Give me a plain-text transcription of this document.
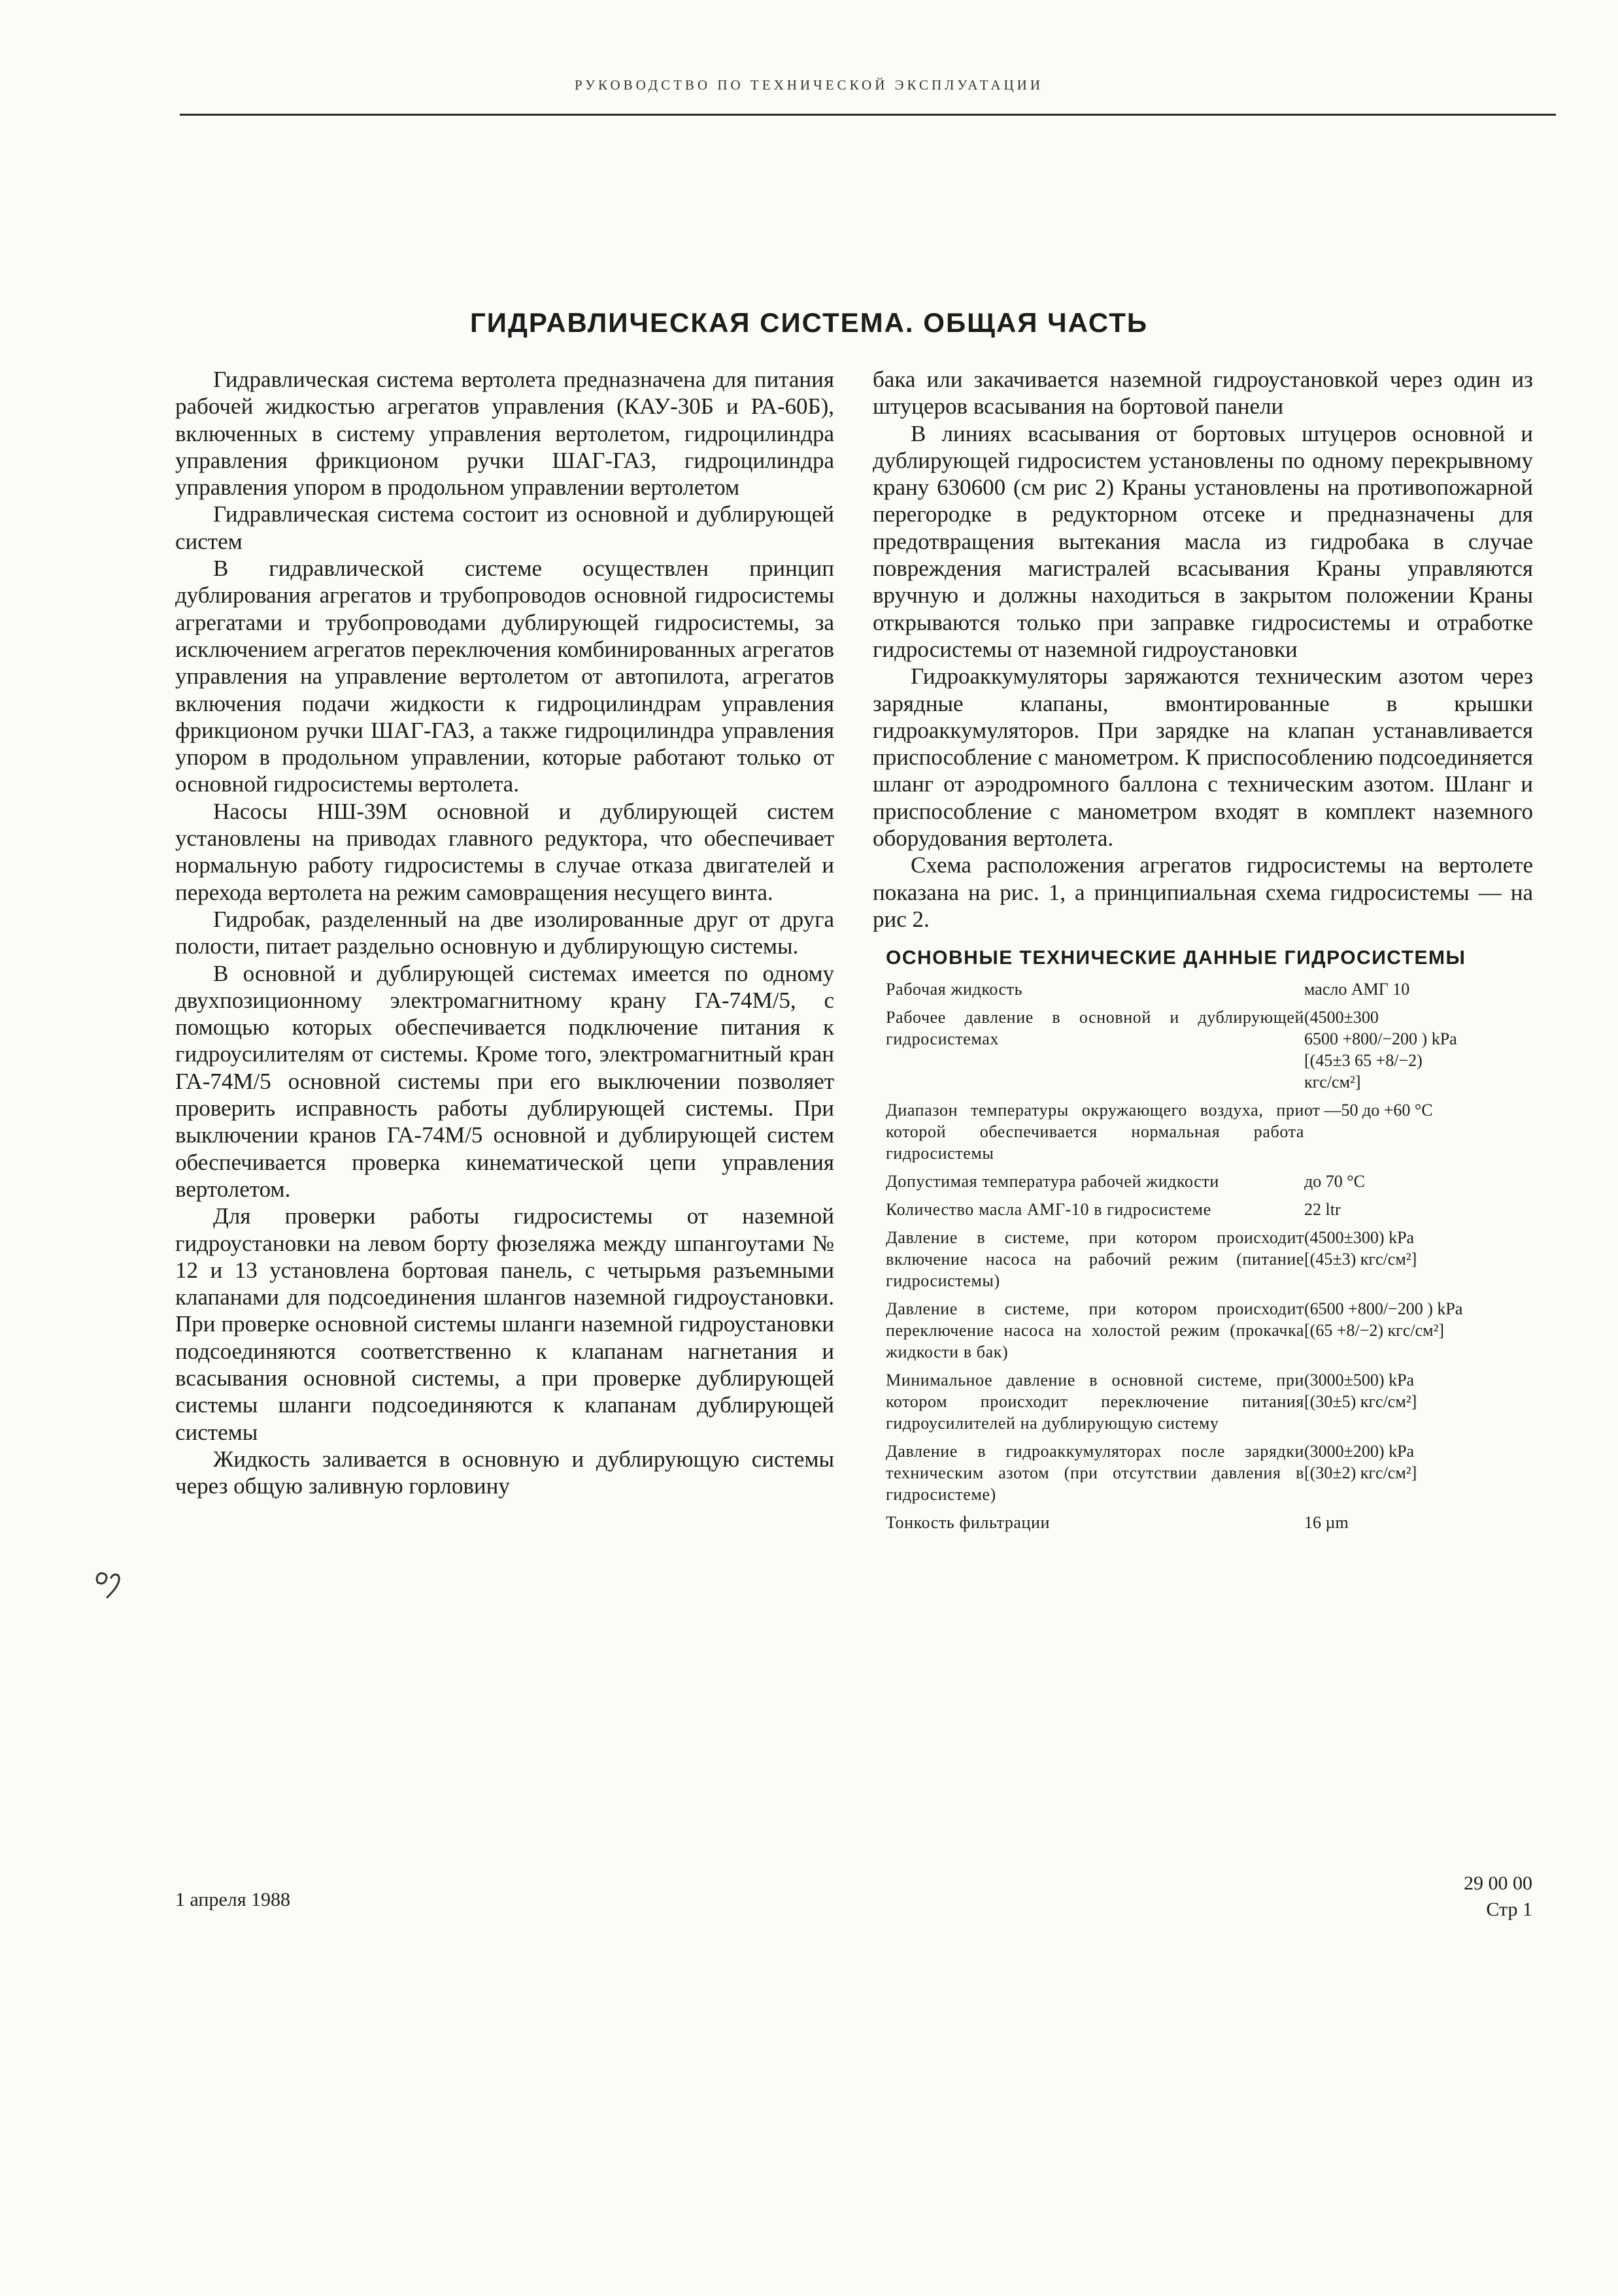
РУКОВОДСТВО ПО ТЕХНИЧЕСКОЙ ЭКСПЛУАТАЦИИ
ГИДРАВЛИЧЕСКАЯ СИСТЕМА. ОБЩАЯ ЧАСТЬ

Гидравлическая система вертолета предназначена для питания рабочей жидкостью агрегатов управления (КАУ-30Б и РА-60Б), включенных в систему управления вертолетом, гидроцилиндра управления фрикционом ручки ШАГ-ГАЗ, гидроцилиндра управления упором в продольном управлении вертолетом

Гидравлическая система состоит из основной и дублирующей систем

В гидравлической системе осуществлен принцип дублирования агрегатов и трубопроводов основной гидросистемы агрегатами и трубопроводами дублирующей гидросистемы, за исключением агрегатов переключения комбинированных агрегатов управления на управление вертолетом от автопилота, агрегатов включения подачи жидкости к гидроцилиндрам управления фрикционом ручки ШАГ-ГАЗ, а также гидроцилиндра управления упором в продольном управлении, которые работают только от основной гидросистемы вертолета.

Насосы НШ-39М основной и дублирующей систем установлены на приводах главного редуктора, что обеспечивает нормальную работу гидросистемы в случае отказа двигателей и перехода вертолета на режим самовращения несущего винта.

Гидробак, разделенный на две изолированные друг от друга полости, питает раздельно основную и дублирующую системы.

В основной и дублирующей системах имеется по одному двухпозиционному электромагнитному крану ГА-74М/5, с помощью которых обеспечивается подключение питания к гидроусилителям от системы. Кроме того, электромагнитный кран ГА-74М/5 основной системы при его выключении позволяет проверить исправность работы дублирующей системы. При выключении кранов ГА-74М/5 основной и дублирующей систем обеспечивается проверка кинематической цепи управления вертолетом.

Для проверки работы гидросистемы от наземной гидроустановки на левом борту фюзеляжа между шпангоутами № 12 и 13 установлена бортовая панель, с четырьмя разъемными клапанами для подсоединения шлангов наземной гидроустановки. При проверке основной системы шланги наземной гидроустановки подсоединяются соответственно к клапанам нагнетания и всасывания основной системы, а при проверке дублирующей системы шланги подсоединяются к клапанам дублирующей системы

Жидкость заливается в основную и дублирующую системы через общую заливную горловину

бака или закачивается наземной гидроустановкой через один из штуцеров всасывания на бортовой панели

В линиях всасывания от бортовых штуцеров основной и дублирующей гидросистем установлены по одному перекрывному крану 630600 (см рис 2) Краны установлены на противопожарной перегородке в редукторном отсеке и предназначены для предотвращения вытекания масла из гидробака в случае повреждения магистралей всасывания Краны управляются вручную и должны находиться в закрытом положении Краны открываются только при заправке гидросистемы и отработке гидросистемы от наземной гидроустановки

Гидроаккумуляторы заряжаются техническим азотом через зарядные клапаны, вмонтированные в крышки гидроаккумуляторов. При зарядке на клапан устанавливается приспособление с манометром. К приспособлению подсоединяется шланг от аэродромного баллона с техническим азотом. Шланг и приспособление с манометром входят в комплект наземного оборудования вертолета.

Схема расположения агрегатов гидросистемы на вертолете показана на рис. 1, а принципиальная схема гидросистемы — на рис 2.

ОСНОВНЫЕ ТЕХНИЧЕСКИЕ ДАННЫЕ ГИДРОСИСТЕМЫ
Рабочая жидкость	масло АМГ 10
Рабочее давление в основной и дублирующей гидросистемах	(4500±300
6500 +800/−200 ) kPa
[(45±3 65 +8/−2)
кгс/см²]
Диапазон температуры окружающего воздуха, при которой обеспечивается нормальная работа гидросистемы	от —50 до +60 °С
Допустимая температура рабочей жидкости	до 70 °С
Количество масла АМГ-10 в гидросистеме	22 ltr
Давление в системе, при котором происходит включение насоса на рабочий режим (питание гидросистемы)	(4500±300) kPa
[(45±3) кгс/см²]
Давление в системе, при котором происходит переключение насоса на холостой режим (прокачка жидкости в бак)	(6500 +800/−200 ) kPa
[(65 +8/−2) кгс/см²]
Минимальное давление в основной системе, при котором происходит переключение питания гидроусилителей на дублирующую систему	(3000±500) kPa
[(30±5) кгс/см²]
Давление в гидроаккумуляторах после зарядки техническим азотом (при отсутствии давления в гидросистеме)	(3000±200) kPa
[(30±2) кгс/см²]
Тонкость фильтрации	16 µm
1 апреля 1988
29 00 00
Стр 1
